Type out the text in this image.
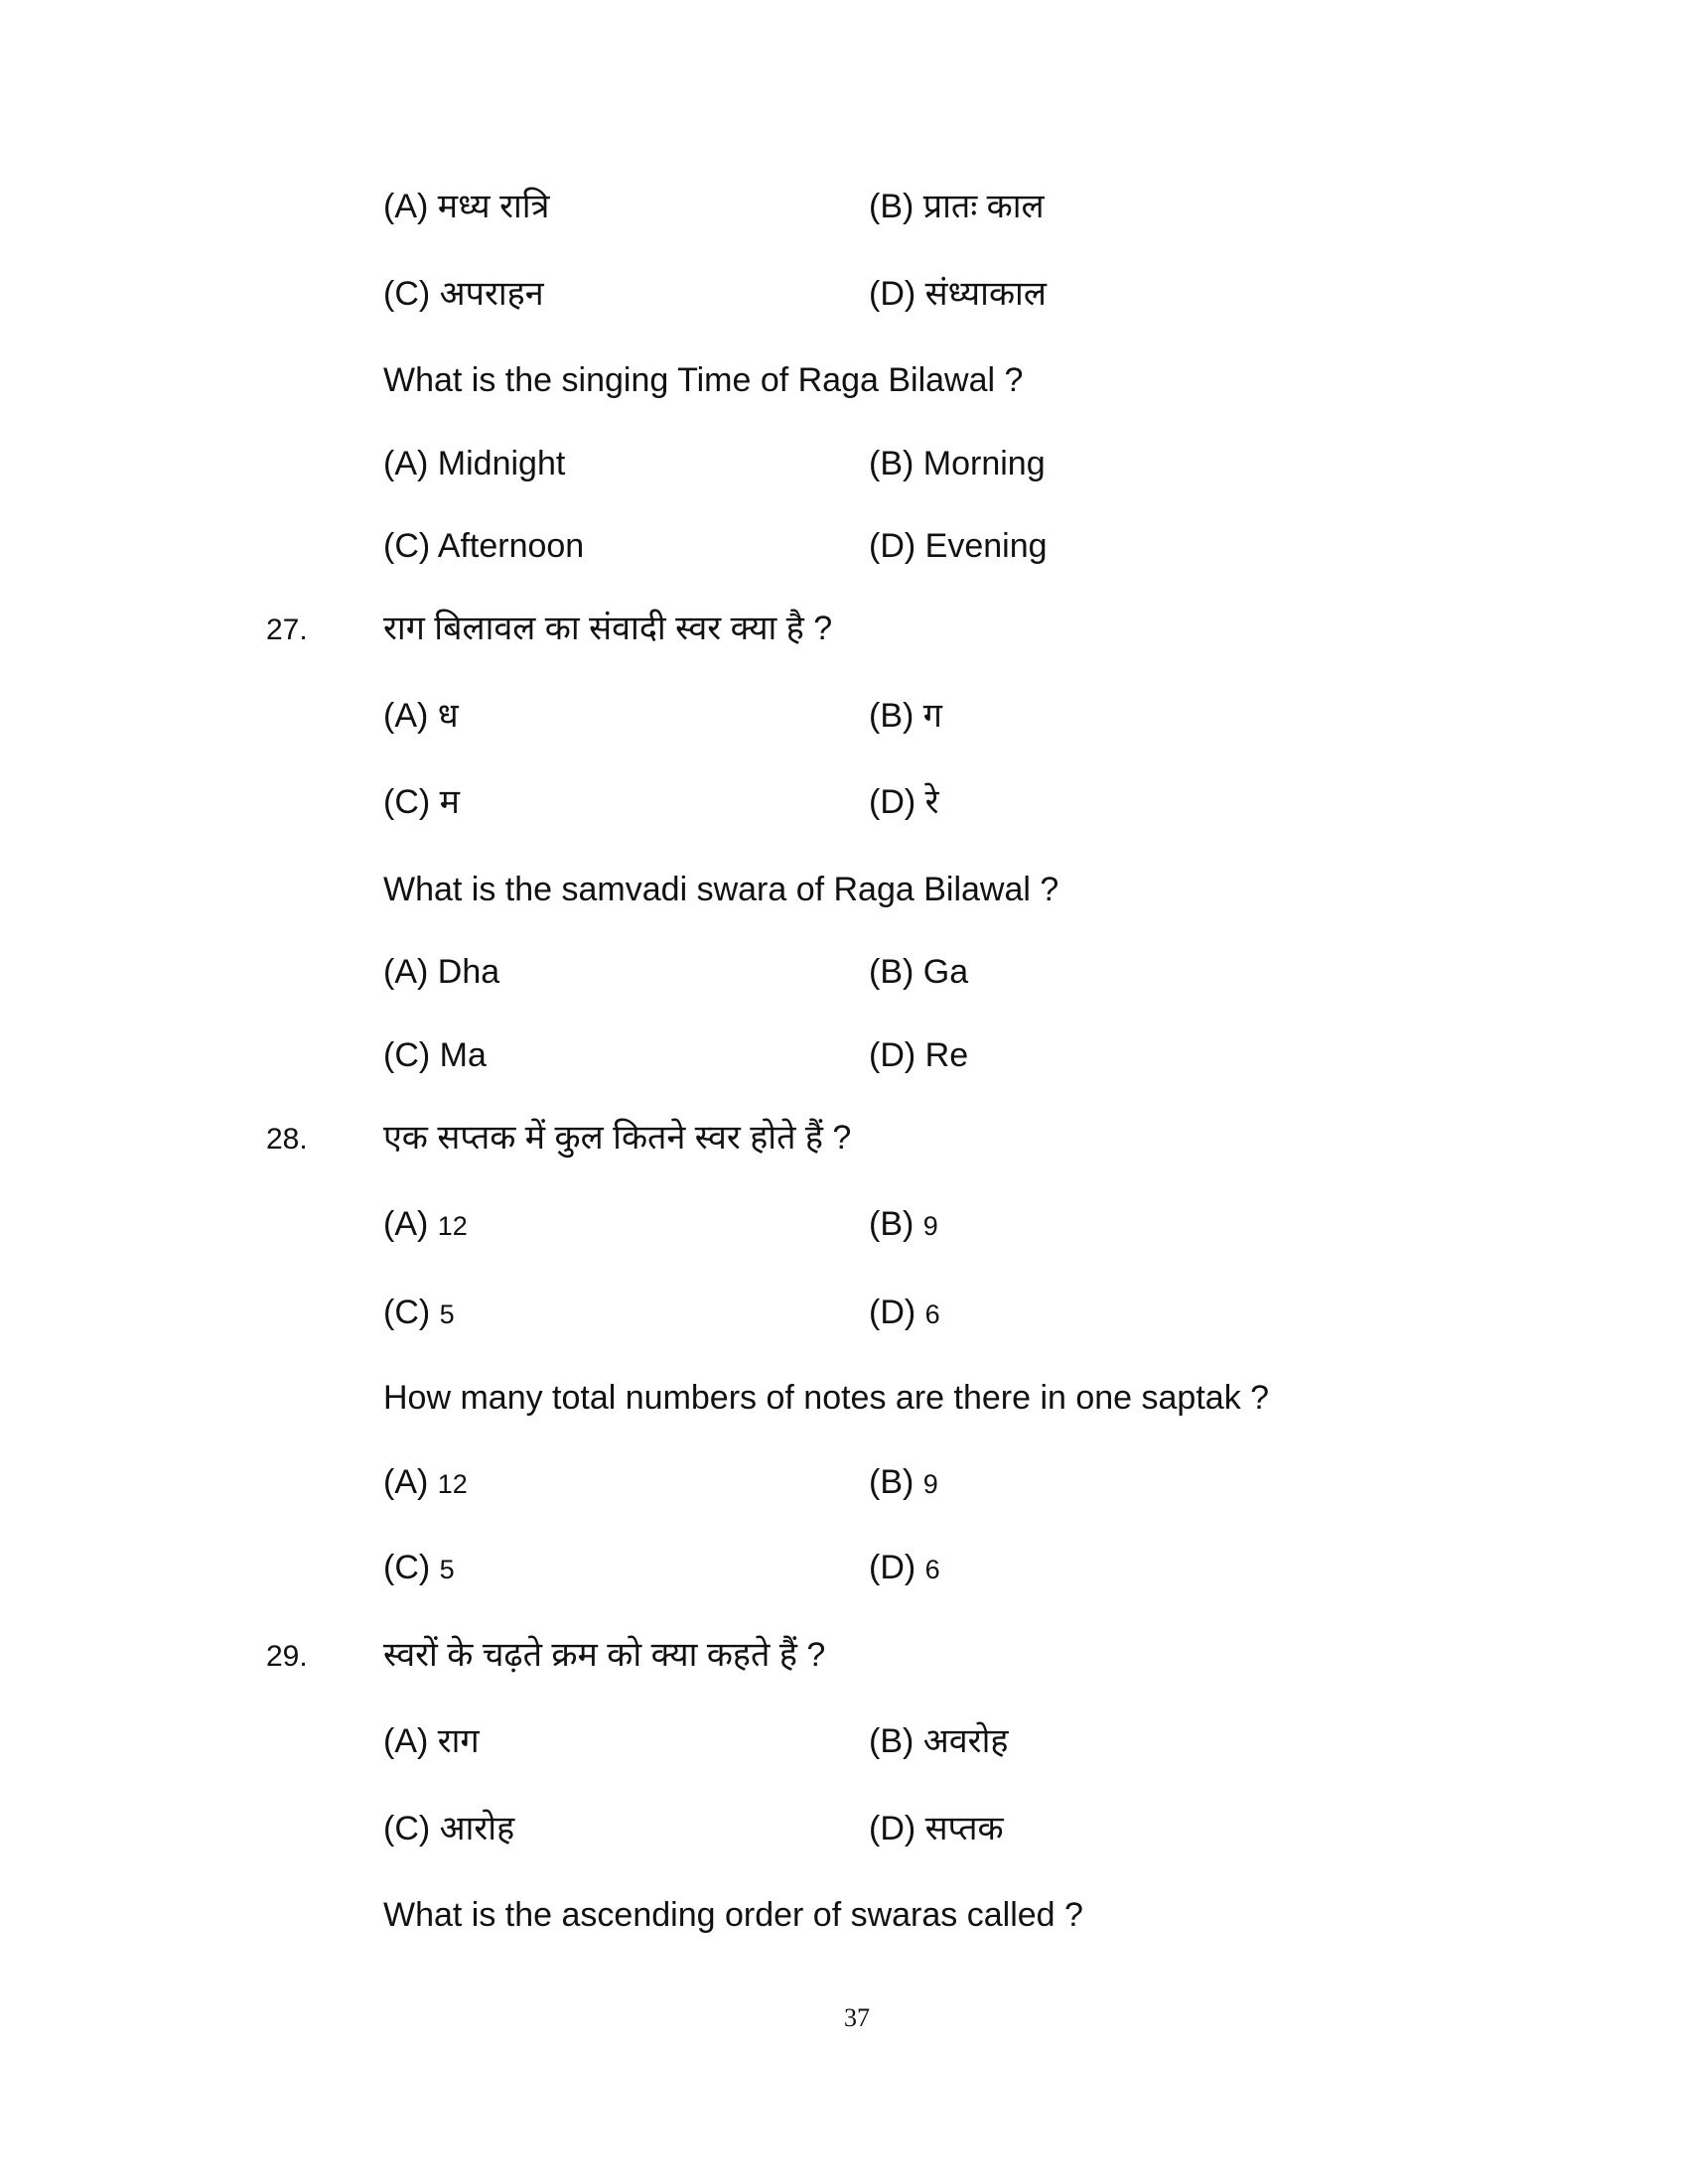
(A) मध्य रात्रि	(B) प्रातः काल
(C) अपराहन	(D) संध्याकाल
What is the singing Time of Raga Bilawal ?
(A) Midnight	(B) Morning
(C) Afternoon	(D) Evening
27. राग बिलावल का संवादी स्वर क्या है ?
(A) ध	(B) ग
(C) म	(D) रे
What is the samvadi swara of Raga Bilawal ?
(A) Dha	(B) Ga
(C) Ma	(D) Re
28. एक सप्तक में कुल कितने स्वर होते हैं ?
(A) 12	(B) 9
(C) 5	(D) 6
How many total numbers of notes are there in one saptak ?
(A) 12	(B) 9
(C) 5	(D) 6
29. स्वरों के चढ़ते क्रम को क्या कहते हैं ?
(A) राग	(B) अवरोह
(C) आरोह	(D) सप्तक
What is the ascending order of swaras called ?
37
